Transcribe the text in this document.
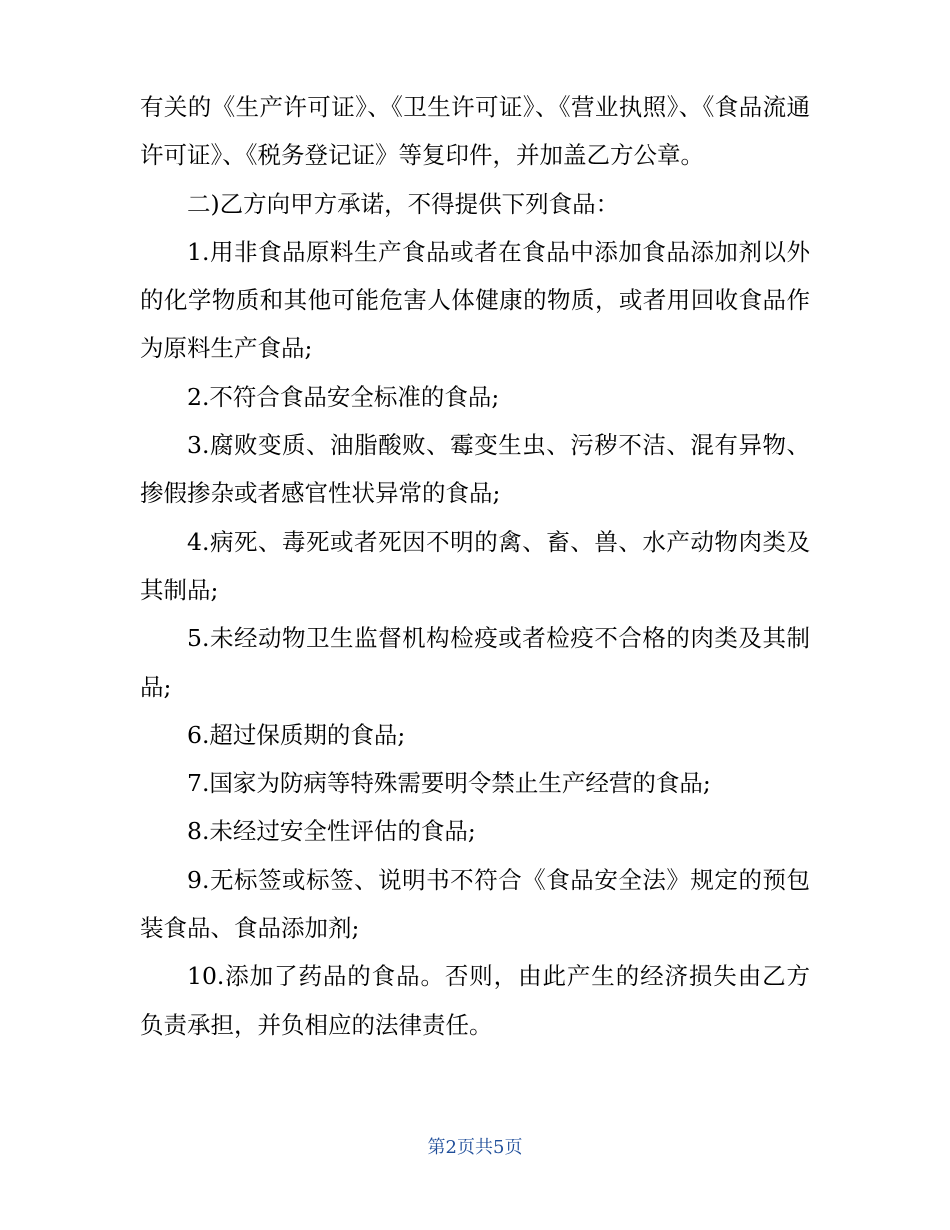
有关的《生产许可证》、《卫生许可证》、《营业执照》、《食品流通许可证》、《税务登记证》等复印件，并加盖乙方公章。

二)乙方向甲方承诺，不得提供下列食品：

1.用非食品原料生产食品或者在食品中添加食品添加剂以外的化学物质和其他可能危害人体健康的物质，或者用回收食品作为原料生产食品;

2.不符合食品安全标准的食品;

3.腐败变质、油脂酸败、霉变生虫、污秽不洁、混有异物、掺假掺杂或者感官性状异常的食品;

4.病死、毒死或者死因不明的禽、畜、兽、水产动物肉类及其制品;

5.未经动物卫生监督机构检疫或者检疫不合格的肉类及其制品;

6.超过保质期的食品;

7.国家为防病等特殊需要明令禁止生产经营的食品;

8.未经过安全性评估的食品;

9.无标签或标签、说明书不符合《食品安全法》规定的预包装食品、食品添加剂;

10.添加了药品的食品。否则，由此产生的经济损失由乙方负责承担，并负相应的法律责任。

第2页共5页
